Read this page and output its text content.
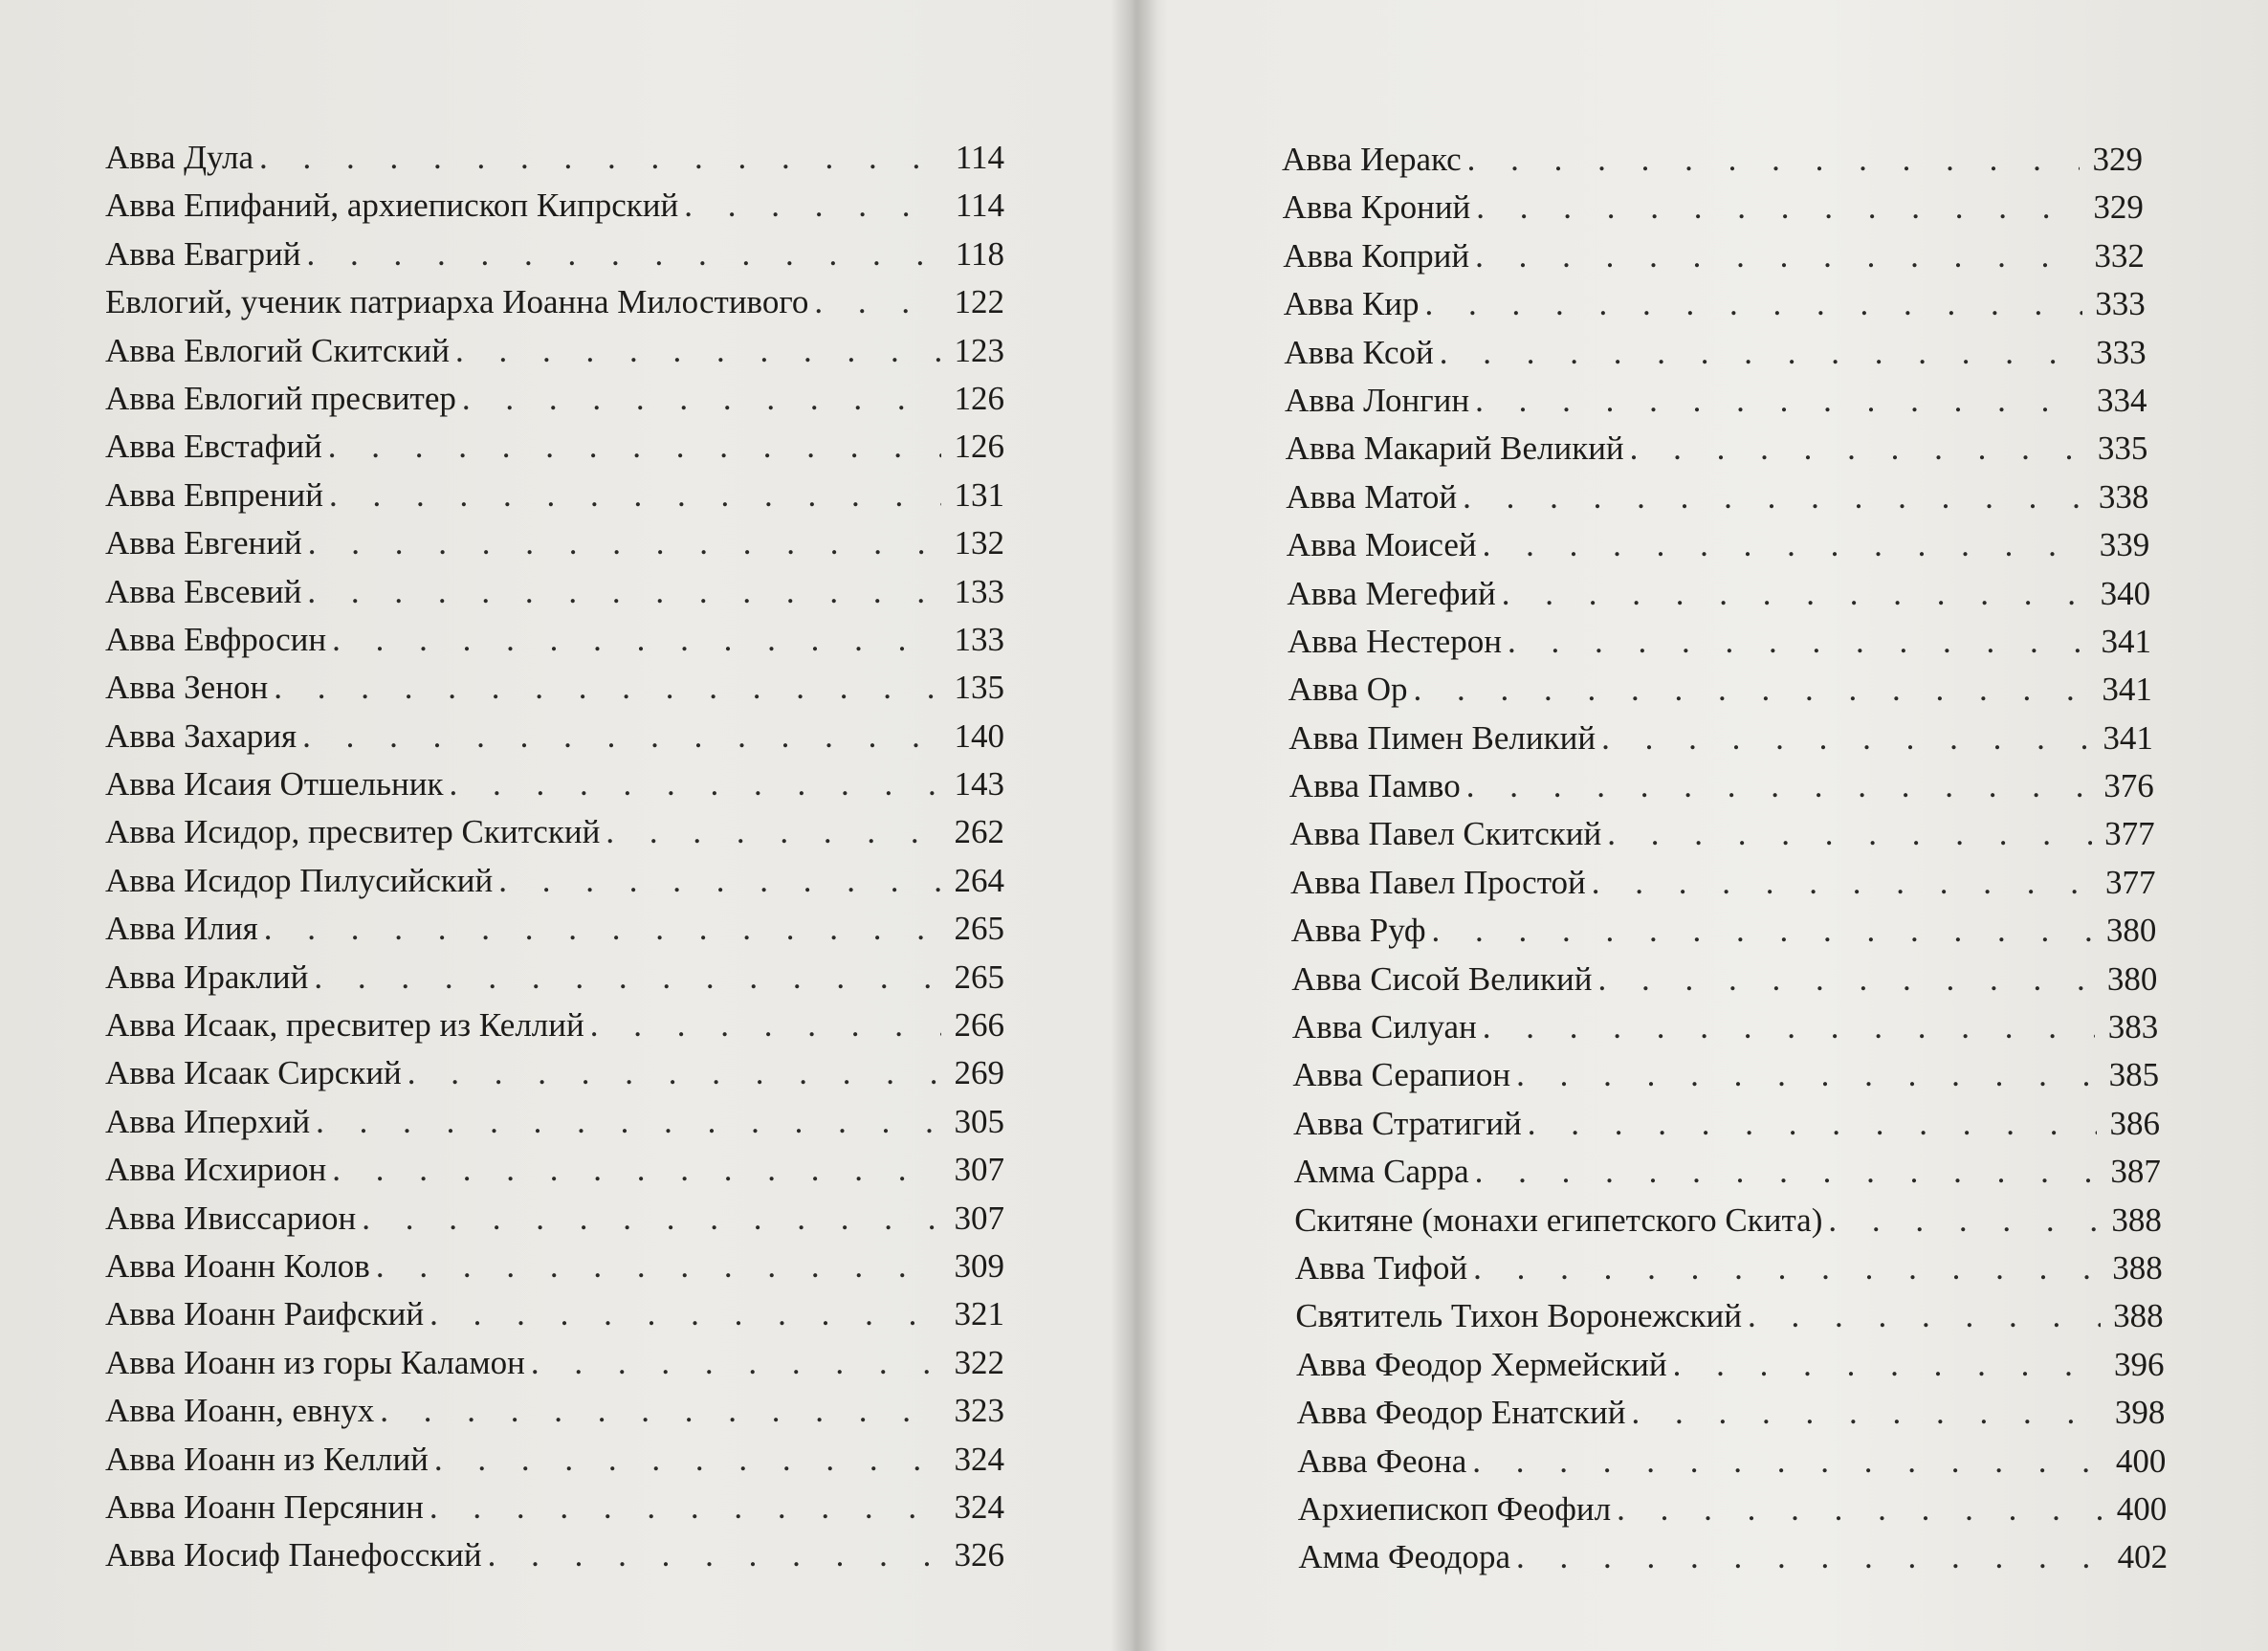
Авва Дула . . .	114
Авва Епифаний, архиепископ Кипрский . . .	114
Авва Евагрий . . .	118
Евлогий, ученик патриарха Иоанна Милостивого . . .	122
Авва Евлогий Скитский . . .	123
Авва Евлогий пресвитер . . .	126
Авва Евстафий . . .	126
Авва Евпрений . . .	131
Авва Евгений . . .	132
Авва Евсевий . . .	133
Авва Евфросин . . .	133
Авва Зенон . . .	135
Авва Захария . . .	140
Авва Исаия Отшельник . . .	143
Авва Исидор, пресвитер Скитский . . .	262
Авва Исидор Пилусийский . . .	264
Авва Илия . . .	265
Авва Ираклий . . .	265
Авва Исаак, пресвитер из Келлий . . .	266
Авва Исаак Сирский . . .	269
Авва Иперхий . . .	305
Авва Исхирион . . .	307
Авва Ивиссарион . . .	307
Авва Иоанн Колов . . .	309
Авва Иоанн Раифский . . .	321
Авва Иоанн из горы Каламон . . .	322
Авва Иоанн, евнух . . .	323
Авва Иоанн из Келлий . . .	324
Авва Иоанн Персянин . . .	324
Авва Иосиф Панефосский . . .	326
Авва Иеракс . . .	329
Авва Кроний . . .	329
Авва Коприй . . .	332
Авва Кир . . .	333
Авва Ксой . . .	333
Авва Лонгин . . .	334
Авва Макарий Великий . . .	335
Авва Матой . . .	338
Авва Моисей . . .	339
Авва Мегефий . . .	340
Авва Нестерон . . .	341
Авва Ор . . .	341
Авва Пимен Великий . . .	341
Авва Памво . . .	376
Авва Павел Скитский . . .	377
Авва Павел Простой . . .	377
Авва Руф . . .	380
Авва Сисой Великий . . .	380
Авва Силуан . . .	383
Авва Серапион . . .	385
Авва Стратигий . . .	386
Амма Сарра . . .	387
Скитяне (монахи египетского Скита) . . .	388
Авва Тифой . . .	388
Святитель Тихон Воронежский . . .	388
Авва Феодор Хермейский . . .	396
Авва Феодор Енатский . . .	398
Авва Феона . . .	400
Архиепископ Феофил . . .	400
Амма Феодора . . .	402
